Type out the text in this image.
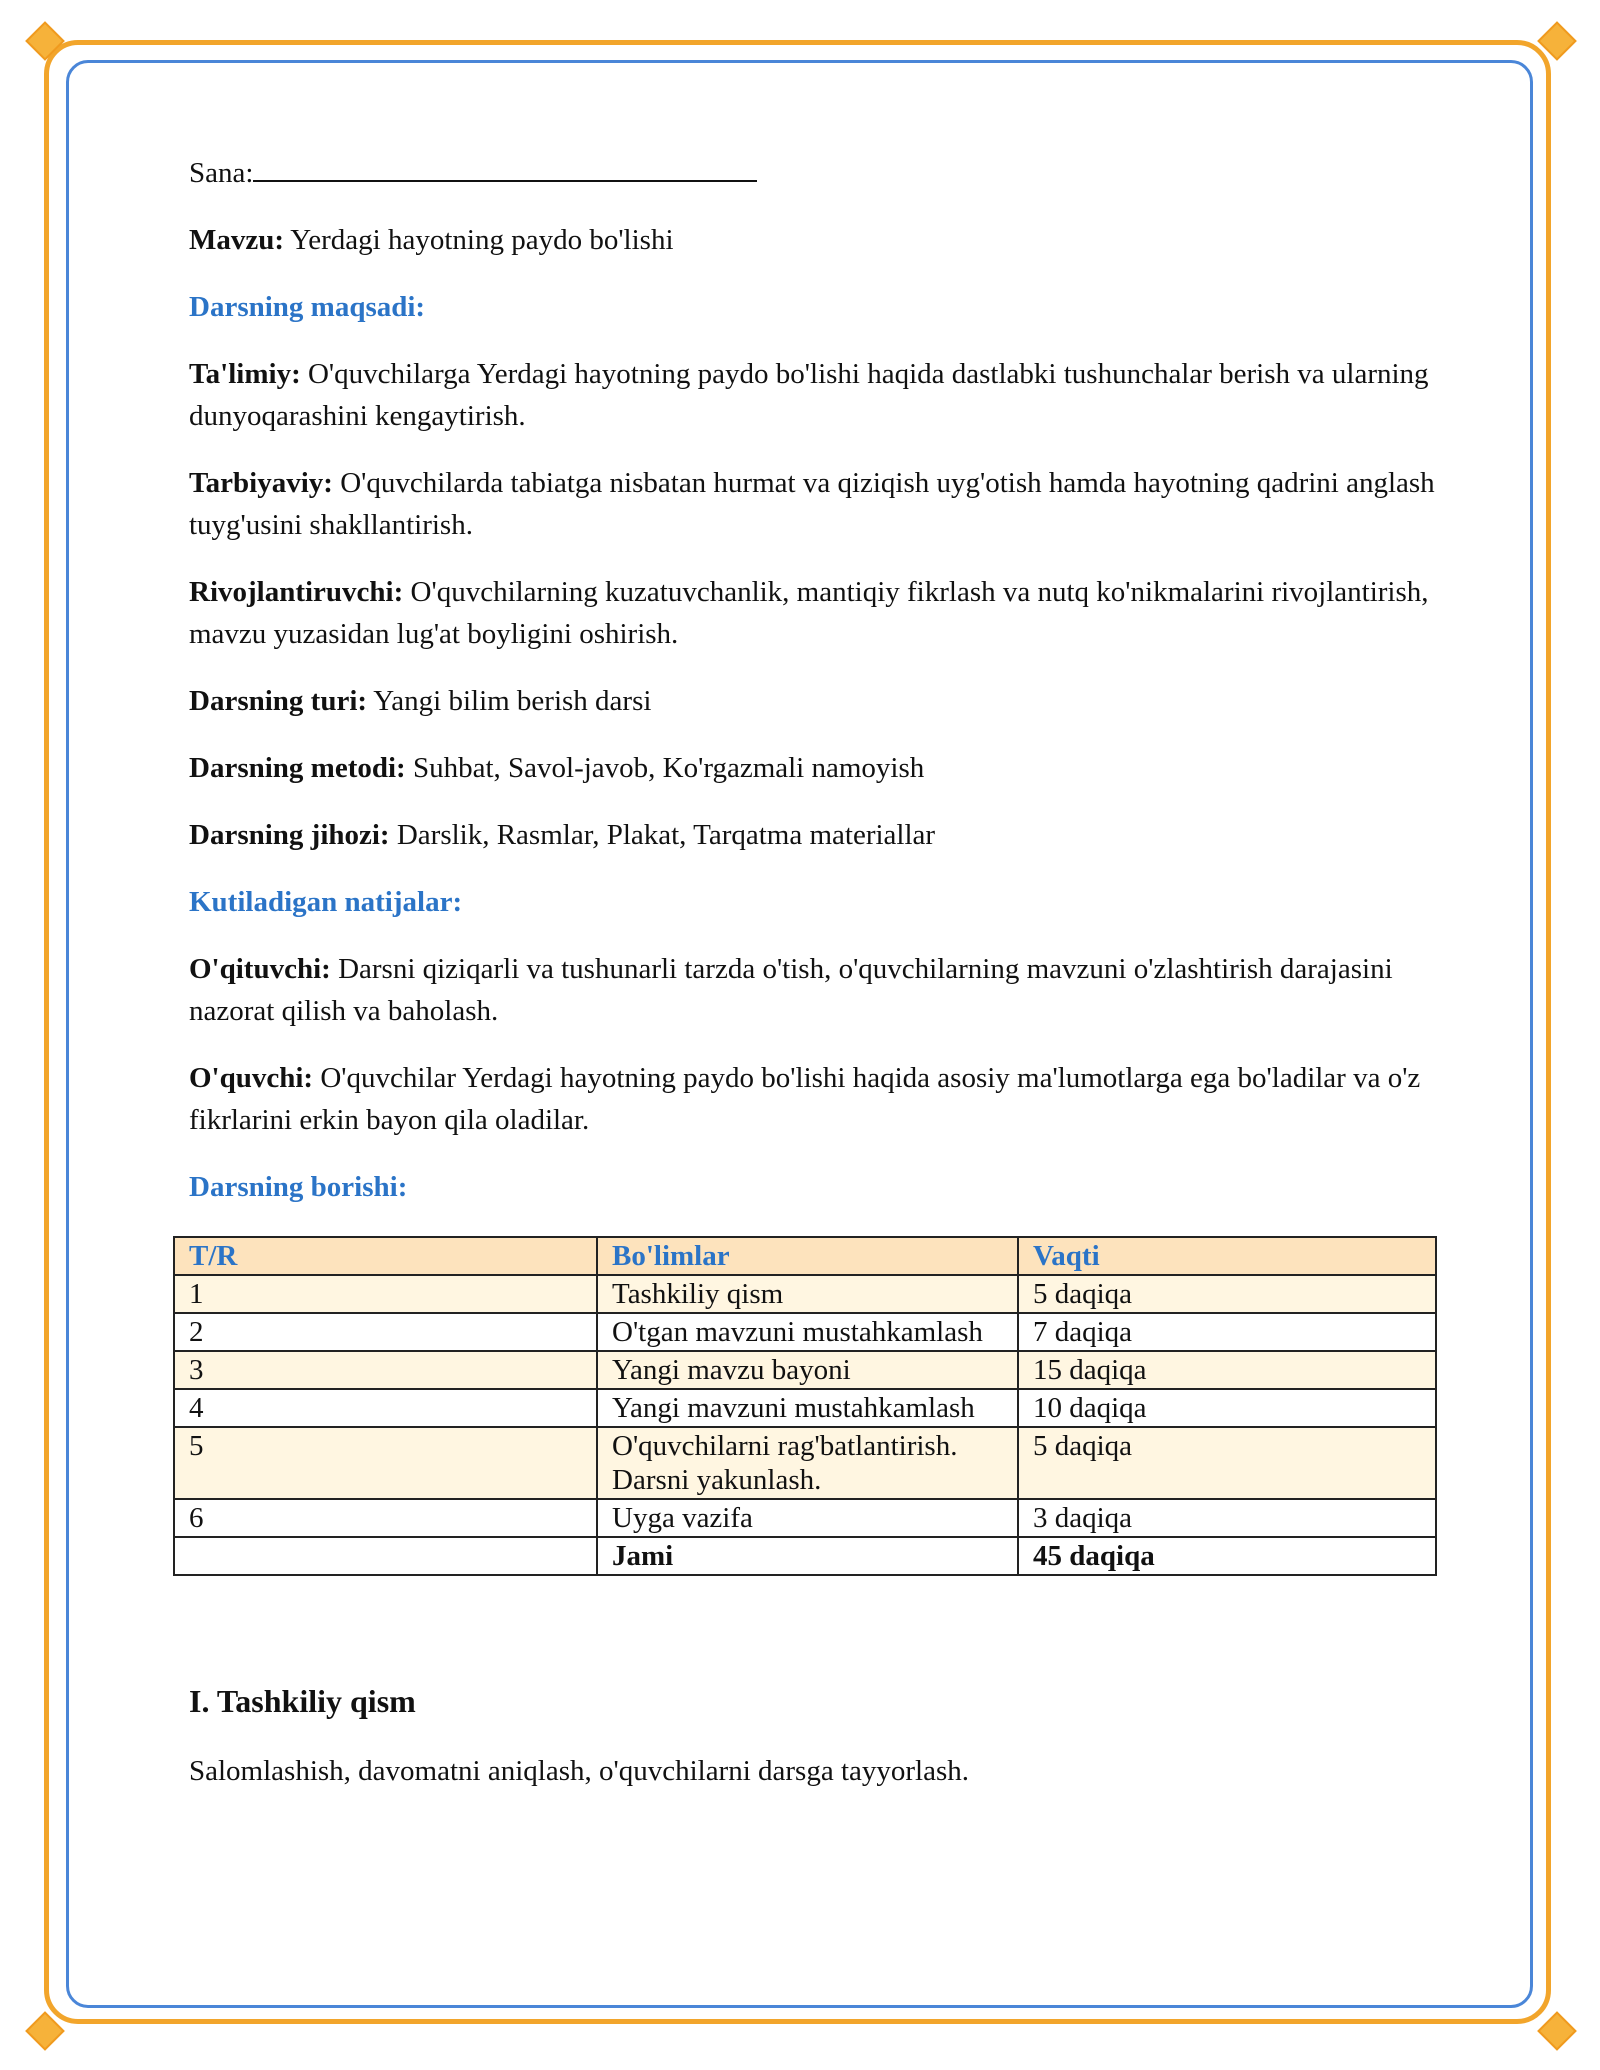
Sana:

Mavzu: Yerdagi hayotning paydo bo'lishi

Darsning maqsadi:

Ta'limiy: O'quvchilarga Yerdagi hayotning paydo bo'lishi haqida dastlabki tushunchalar berish va ularning dunyoqarashini kengaytirish.

Tarbiyaviy: O'quvchilarda tabiatga nisbatan hurmat va qiziqish uyg'otish hamda hayotning qadrini anglash tuyg'usini shakllantirish.

Rivojlantiruvchi: O'quvchilarning kuzatuvchanlik, mantiqiy fikrlash va nutq ko'nikmalarini rivojlantirish, mavzu yuzasidan lug'at boyligini oshirish.

Darsning turi: Yangi bilim berish darsi

Darsning metodi: Suhbat, Savol-javob, Ko'rgazmali namoyish

Darsning jihozi: Darslik, Rasmlar, Plakat, Tarqatma materiallar

Kutiladigan natijalar:

O'qituvchi: Darsni qiziqarli va tushunarli tarzda o'tish, o'quvchilarning mavzuni o'zlashtirish darajasini nazorat qilish va baholash.

O'quvchi: O'quvchilar Yerdagi hayotning paydo bo'lishi haqida asosiy ma'lumotlarga ega bo'ladilar va o'z fikrlarini erkin bayon qila oladilar.

Darsning borishi:

T/R	Bo'limlar	Vaqti
1	Tashkiliy qism	5 daqiqa
2	O'tgan mavzuni mustahkamlash	7 daqiqa
3	Yangi mavzu bayoni	15 daqiqa
4	Yangi mavzuni mustahkamlash	10 daqiqa
5	O'quvchilarni rag'batlantirish. Darsni yakunlash.	5 daqiqa
6	Uyga vazifa	3 daqiqa
	Jami	45 daqiqa
I. Tashkiliy qism
Salomlashish, davomatni aniqlash, o'quvchilarni darsga tayyorlash.
